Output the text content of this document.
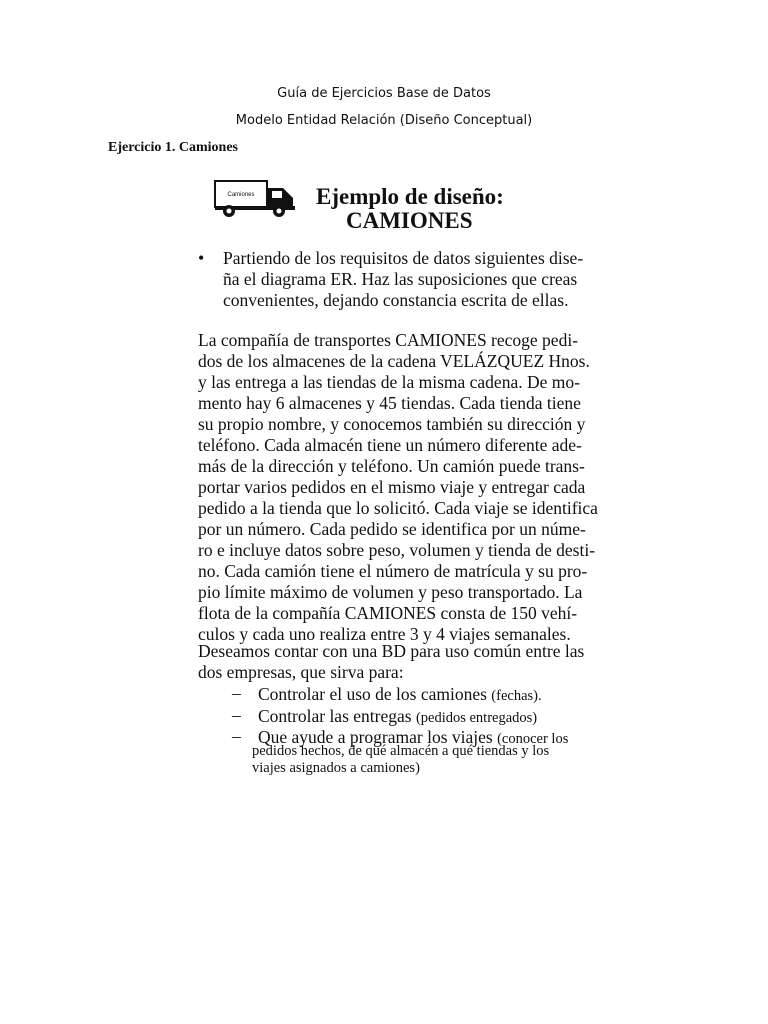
Guía de Ejercicios Base de Datos
Modelo Entidad Relación (Diseño Conceptual)
Ejercicio 1. Camiones
Camiones	Ejemplo de diseño:
CAMIONES
• Partiendo de los requisitos de datos siguientes dise-
ña el diagrama ER. Haz las suposiciones que creas
convenientes, dejando constancia escrita de ellas.
La compañía de transportes CAMIONES recoge pedi-
dos de los almacenes de la cadena VELÁZQUEZ Hnos.
y las entrega a las tiendas de la misma cadena. De mo-
mento hay 6 almacenes y 45 tiendas. Cada tienda tiene
su propio nombre, y conocemos también su dirección y
teléfono. Cada almacén tiene un número diferente ade-
más de la dirección y teléfono. Un camión puede trans-
portar varios pedidos en el mismo viaje y entregar cada
pedido a la tienda que lo solicitó. Cada viaje se identifica
por un número. Cada pedido se identifica por un núme-
ro e incluye datos sobre peso, volumen y tienda de desti-
no. Cada camión tiene el número de matrícula y su pro-
pio límite máximo de volumen y peso transportado. La
flota de la compañía CAMIONES consta de 150 vehí-
culos y cada uno realiza entre 3 y 4 viajes semanales.
Deseamos contar con una BD para uso común entre las
dos empresas, que sirva para:
– Controlar el uso de los camiones (fechas).
– Controlar las entregas (pedidos entregados)
– Que ayude a programar los viajes (conocer los
pedidos hechos, de qué almacén a qué tiendas y los
viajes asignados a camiones)
